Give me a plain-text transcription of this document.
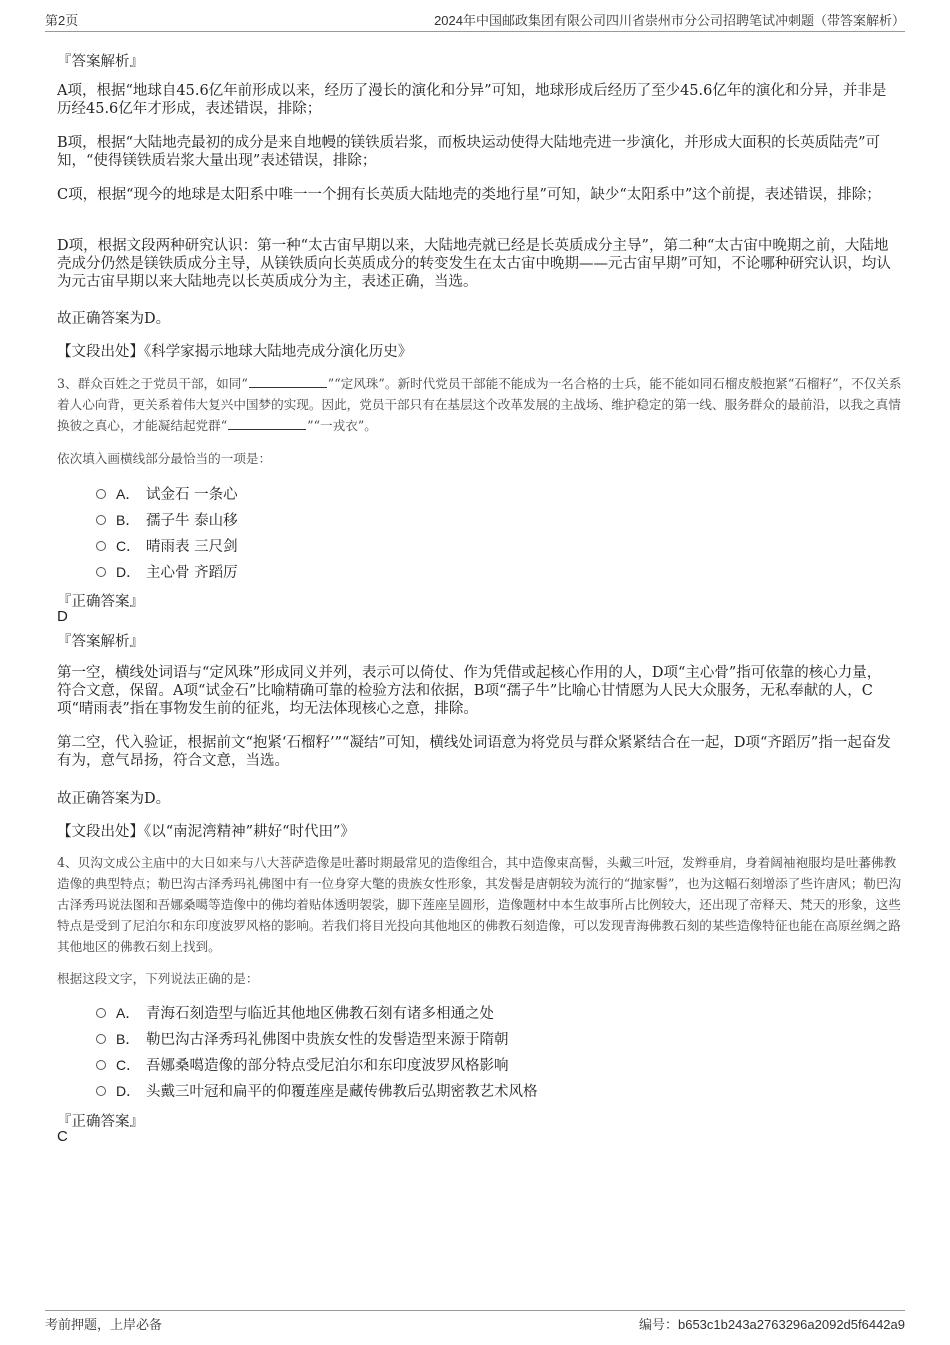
第2页	2024年中国邮政集团有限公司四川省崇州市分公司招聘笔试冲刺题（带答案解析）
『答案解析』
A项，根据“地球自45.6亿年前形成以来，经历了漫长的演化和分异”可知，地球形成后经历了至少45.6亿年的演化和分异，并非是历经45.6亿年才形成，表述错误，排除；
B项，根据“大陆地壳最初的成分是来自地幔的镁铁质岩浆，而板块运动使得大陆地壳进一步演化，并形成大面积的长英质陆壳”可知，“使得镁铁质岩浆大量出现”表述错误，排除；
C项，根据“现今的地球是太阳系中唯一一个拥有长英质大陆地壳的类地行星”可知，缺少“太阳系中”这个前提，表述错误，排除；
D项，根据文段两种研究认识：第一种“太古宙早期以来，大陆地壳就已经是长英质成分主导”，第二种“太古宙中晚期之前，大陆地壳成分仍然是镁铁质成分主导，从镁铁质向长英质成分的转变发生在太古宙中晚期——元古宙早期”可知，不论哪种研究认识，均认为元古宙早期以来大陆地壳以长英质成分为主，表述正确，当选。
故正确答案为D。
【文段出处】《科学家揭示地球大陆地壳成分演化历史》
3、群众百姓之于党员干部，如同“	”“定风珠”。新时代党员干部能不能成为一名合格的士兵，能不能如同石榴皮般抱紧“石榴籽”，不仅关系着人心向背，更关系着伟大复兴中国梦的实现。因此，党员干部只有在基层这个改革发展的主战场、维护稳定的第一线、服务群众的最前沿，以我之真情换彼之真心，才能凝结起党群“	”“一戎衣”。
依次填入画横线部分最恰当的一项是：
A． 试金石 一条心
B． 孺子牛 泰山移
C． 晴雨表 三尺剑
D． 主心骨 齐蹈厉
『正确答案』
D
『答案解析』
第一空，横线处词语与“定风珠”形成同义并列，表示可以倚仗、作为凭借或起核心作用的人，D项“主心骨”指可依靠的核心力量，符合文意，保留。A项“试金石”比喻精确可靠的检验方法和依据，B项“孺子牛”比喻心甘情愿为人民大众服务，无私奉献的人，C项“晴雨表”指在事物发生前的征兆，均无法体现核心之意，排除。
第二空，代入验证，根据前文“抱紧‘石榴籽’”“凝结”可知，横线处词语意为将党员与群众紧紧结合在一起，D项“齐蹈厉”指一起奋发有为，意气昂扬，符合文意，当选。
故正确答案为D。
【文段出处】《以“南泥湾精神”耕好“时代田”》
4、贝沟文成公主庙中的大日如来与八大菩萨造像是吐蕃时期最常见的造像组合，其中造像束高髻，头戴三叶冠，发辫垂肩，身着阔袖袍服均是吐蕃佛教造像的典型特点；勒巴沟古泽秀玛礼佛图中有一位身穿大氅的贵族女性形象，其发髻是唐朝较为流行的“抛家髻”，也为这幅石刻增添了些许唐风；勒巴沟古泽秀玛说法图和吾娜桑噶等造像中的佛均着贴体透明袈裟，脚下莲座呈圆形，造像题材中本生故事所占比例较大，还出现了帝释天、梵天的形象，这些特点是受到了尼泊尔和东印度波罗风格的影响。若我们将目光投向其他地区的佛教石刻造像，可以发现青海佛教石刻的某些造像特征也能在高原丝绸之路其他地区的佛教石刻上找到。
根据这段文字，下列说法正确的是：
A． 青海石刻造型与临近其他地区佛教石刻有诸多相通之处
B． 勒巴沟古泽秀玛礼佛图中贵族女性的发髻造型来源于隋朝
C． 吾娜桑噶造像的部分特点受尼泊尔和东印度波罗风格影响
D． 头戴三叶冠和扁平的仰覆莲座是藏传佛教后弘期密教艺术风格
『正确答案』
C
考前押题，上岸必备	编号：b653c1b243a2763296a2092d5f6442a9
